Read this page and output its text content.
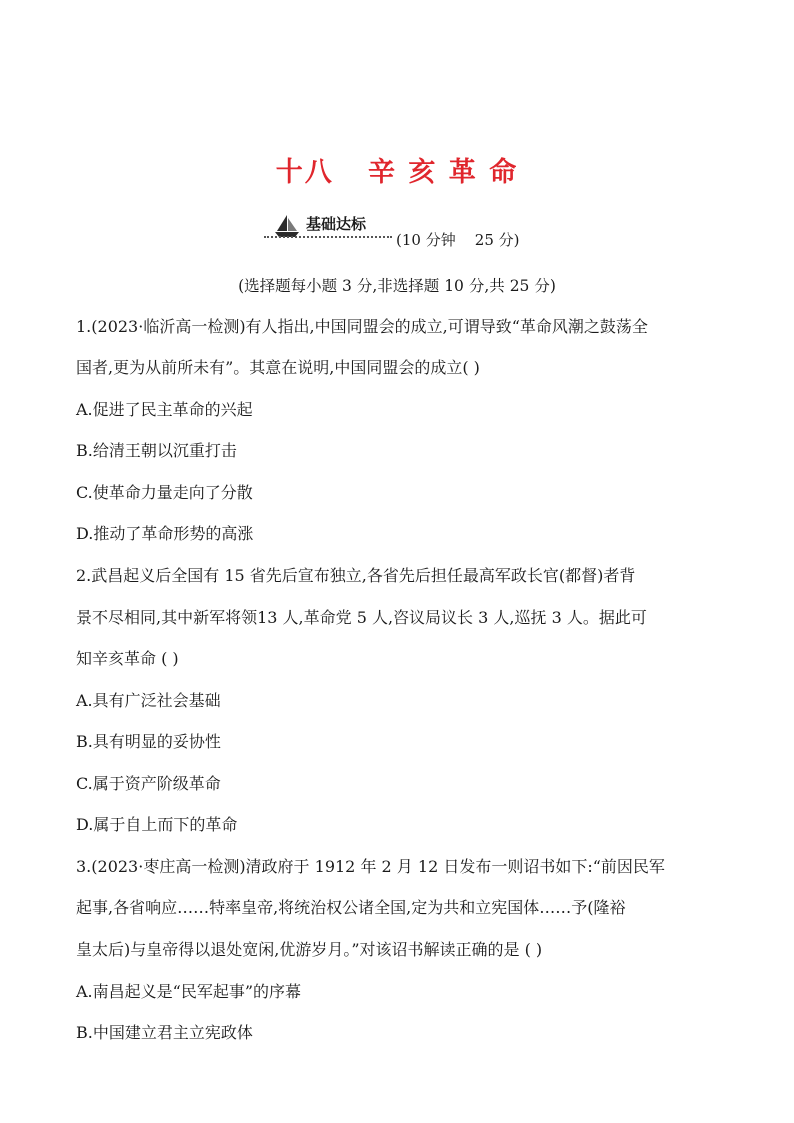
十八   辛 亥 革 命
基础达标
(10 分钟    25 分)
(选择题每小题 3 分,非选择题 10 分,共 25 分)
1.(2023·临沂高一检测)有人指出,中国同盟会的成立,可谓导致“革命风潮之鼓荡全
国者,更为从前所未有”。其意在说明,中国同盟会的成立( )
A.促进了民主革命的兴起
B.给清王朝以沉重打击
C.使革命力量走向了分散
D.推动了革命形势的高涨
2.武昌起义后全国有 15 省先后宣布独立,各省先后担任最高军政长官(都督)者背
景不尽相同,其中新军将领13 人,革命党 5 人,咨议局议长 3 人,巡抚 3 人。据此可
知辛亥革命 ( )
A.具有广泛社会基础
B.具有明显的妥协性
C.属于资产阶级革命
D.属于自上而下的革命
3.(2023·枣庄高一检测)清政府于 1912 年 2 月 12 日发布一则诏书如下:“前因民军
起事,各省响应……特率皇帝,将统治权公诸全国,定为共和立宪国体……予(隆裕
皇太后)与皇帝得以退处宽闲,优游岁月。”对该诏书解读正确的是 ( )
A.南昌起义是“民军起事”的序幕
B.中国建立君主立宪政体
